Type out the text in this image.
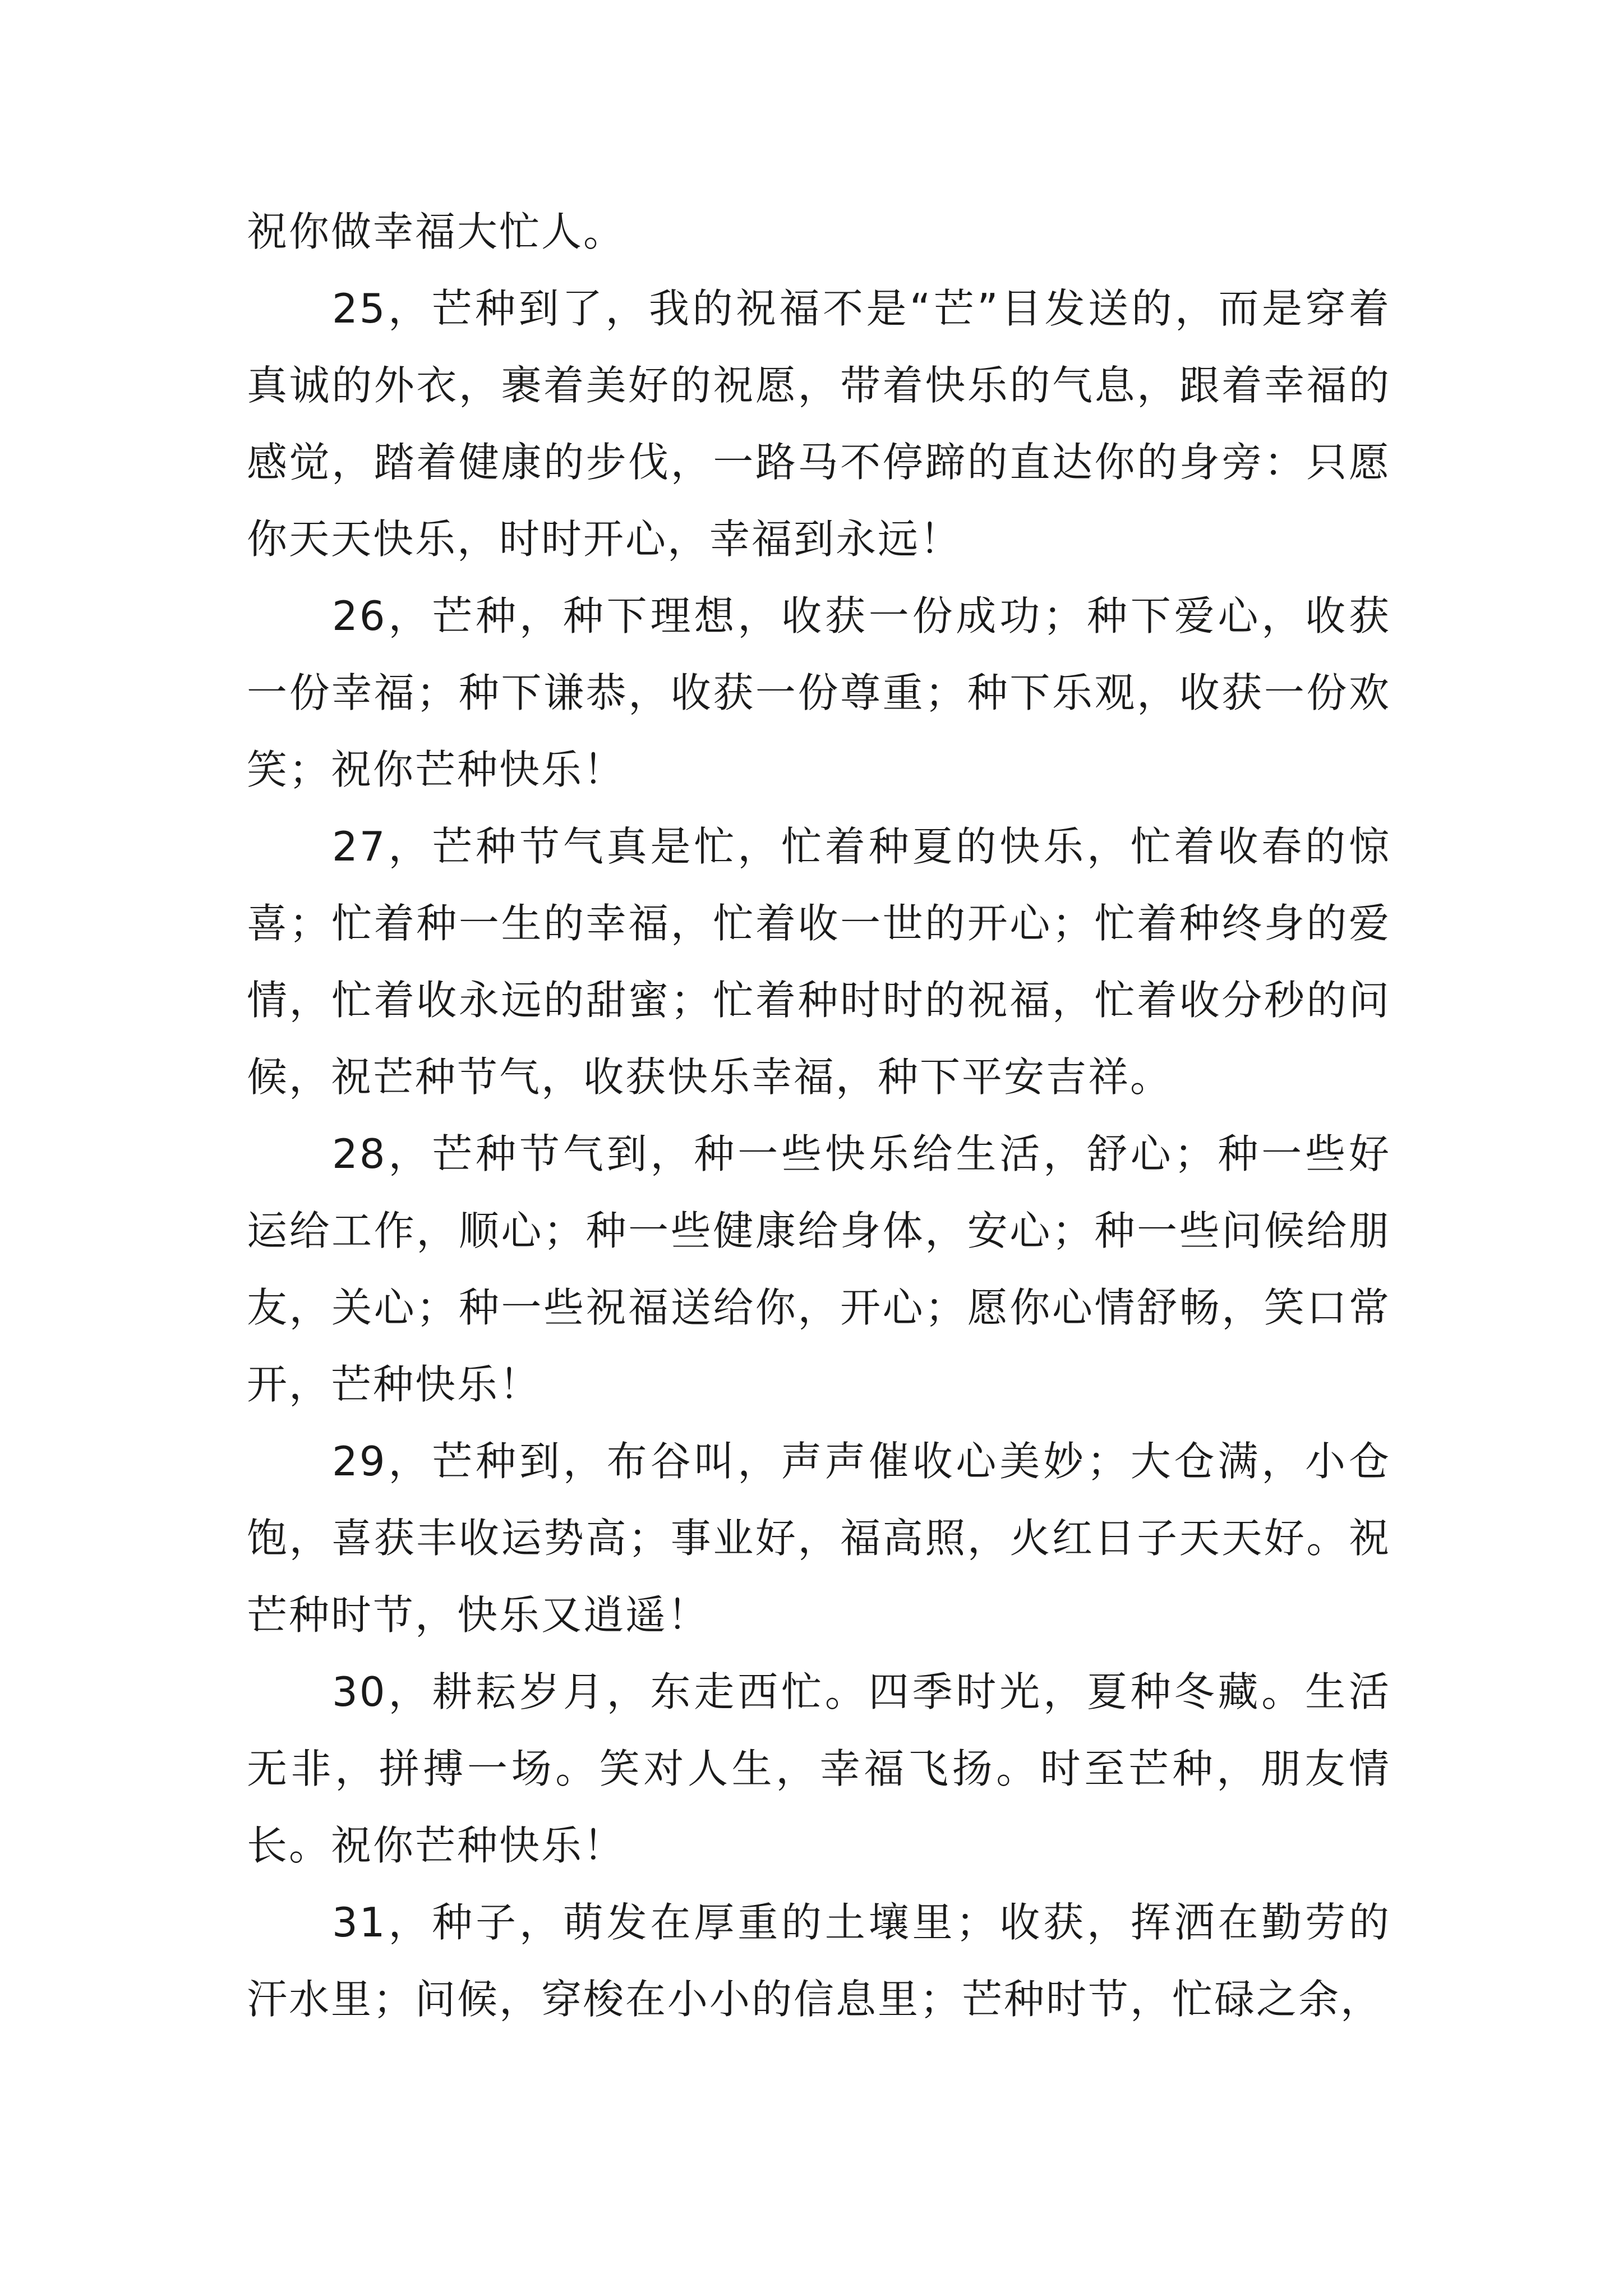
祝你做幸福大忙人。

25，芒种到了，我的祝福不是“芒”目发送的，而是穿着真诚的外衣，裹着美好的祝愿，带着快乐的气息，跟着幸福的感觉，踏着健康的步伐，一路马不停蹄的直达你的身旁：只愿你天天快乐，时时开心，幸福到永远！

26，芒种，种下理想，收获一份成功；种下爱心，收获一份幸福；种下谦恭，收获一份尊重；种下乐观，收获一份欢笑；祝你芒种快乐！

27，芒种节气真是忙，忙着种夏的快乐，忙着收春的惊喜；忙着种一生的幸福，忙着收一世的开心；忙着种终身的爱情，忙着收永远的甜蜜；忙着种时时的祝福，忙着收分秒的问候，祝芒种节气，收获快乐幸福，种下平安吉祥。

28，芒种节气到，种一些快乐给生活，舒心；种一些好运给工作，顺心；种一些健康给身体，安心；种一些问候给朋友，关心；种一些祝福送给你，开心；愿你心情舒畅，笑口常开，芒种快乐！

29，芒种到，布谷叫，声声催收心美妙；大仓满，小仓饱，喜获丰收运势高；事业好，福高照，火红日子天天好。祝芒种时节，快乐又逍遥！

30，耕耘岁月，东走西忙。四季时光，夏种冬藏。生活无非，拼搏一场。笑对人生，幸福飞扬。时至芒种，朋友情长。祝你芒种快乐！

31，种子，萌发在厚重的土壤里；收获，挥洒在勤劳的汗水里；问候，穿梭在小小的信息里；芒种时节，忙碌之余，
